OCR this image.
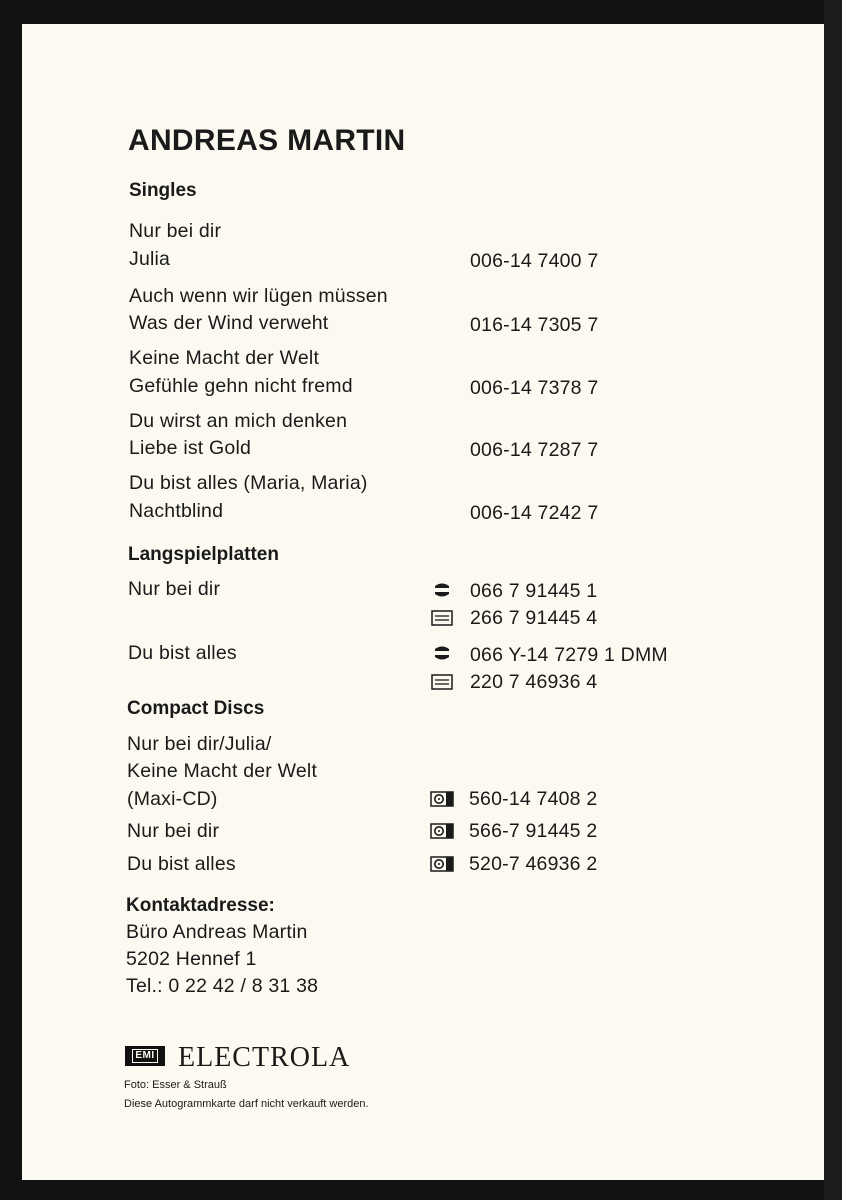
ANDREAS MARTIN
Singles
Nur bei dir
Julia	006-14 7400 7
Auch wenn wir lügen müssen
Was der Wind verweht	016-14 7305 7
Keine Macht der Welt
Gefühle gehn nicht fremd	006-14 7378 7
Du wirst an mich denken
Liebe ist Gold	006-14 7287 7
Du bist alles (Maria, Maria)
Nachtblind	006-14 7242 7
Langspielplatten
Nur bei dir	066 7 91445 1
266 7 91445 4
Du bist alles	066 Y-14 7279 1 DMM
220 7 46936 4
Compact Discs
Nur bei dir/Julia/
Keine Macht der Welt
(Maxi-CD)	560-14 7408 2
Nur bei dir	566-7 91445 2
Du bist alles	520-7 46936 2
Kontaktadresse:
Büro Andreas Martin
5202 Hennef 1
Tel.: 0 22 42 / 8 31 38
EMI ELECTROLA
Foto: Esser & Strauß
Diese Autogrammkarte darf nicht verkauft werden.
